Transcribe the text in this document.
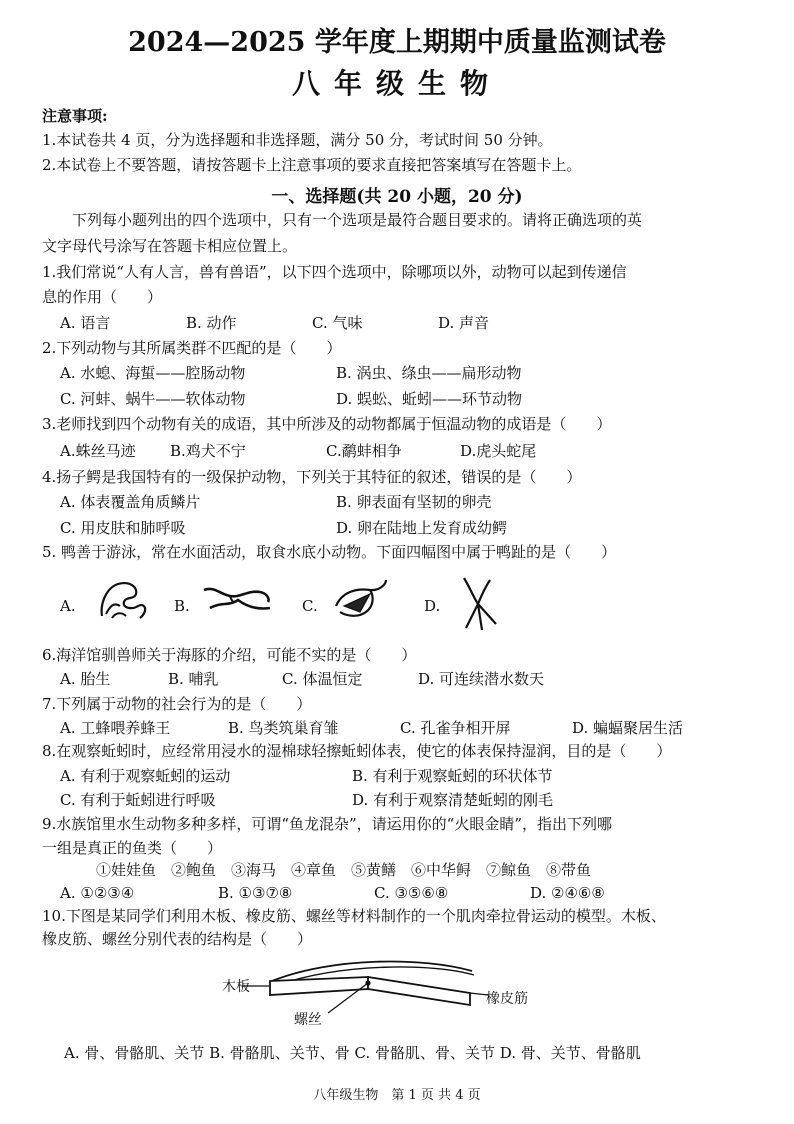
2024—2025 学年度上期期中质量监测试卷
八年级生物
注意事项:
1.本试卷共 4 页，分为选择题和非选择题，满分 50 分，考试时间 50 分钟。
2.本试卷上不要答题，请按答题卡上注意事项的要求直接把答案填写在答题卡上。
一、选择题(共 20 小题，20 分)
下列每小题列出的四个选项中，只有一个选项是最符合题目要求的。请将正确选项的英
文字母代号涂写在答题卡相应位置上。
1.我们常说“人有人言，兽有兽语”，以下四个选项中，除哪项以外，动物可以起到传递信
息的作用（　　）
A. 语言	B. 动作	C. 气味	D. 声音
2.下列动物与其所属类群不匹配的是（　　）
A. 水螅、海蜇——腔肠动物	B. 涡虫、绦虫——扁形动物
C. 河蚌、蜗牛——软体动物	D. 蜈蚣、蚯蚓——环节动物
3.老师找到四个动物有关的成语，其中所涉及的动物都属于恒温动物的成语是（　　）
A.蛛丝马迹 B.鸡犬不宁	C.鹬蚌相争	D.虎头蛇尾
4.扬子鳄是我国特有的一级保护动物，下列关于其特征的叙述，错误的是（　　）
A. 体表覆盖角质鳞片	B. 卵表面有坚韧的卵壳
C. 用皮肤和肺呼吸	D. 卵在陆地上发育成幼鳄
5. 鸭善于游泳，常在水面活动，取食水底小动物。下面四幅图中属于鸭趾的是（　　）
A.	B.	C.	D.
6.海洋馆驯兽师关于海豚的介绍，可能不实的是（　　）
A. 胎生	B. 哺乳	C. 体温恒定	D. 可连续潜水数天
7.下列属于动物的社会行为的是（　　）
A. 工蜂喂养蜂王	B. 鸟类筑巢育雏	C. 孔雀争相开屏	D. 蝙蝠聚居生活
8.在观察蚯蚓时，应经常用浸水的湿棉球轻擦蚯蚓体表，使它的体表保持湿润，目的是（　　）
A. 有利于观察蚯蚓的运动	B. 有利于观察蚯蚓的环状体节
C. 有利于蚯蚓进行呼吸	D. 有利于观察清楚蚯蚓的刚毛
9.水族馆里水生动物多种多样，可谓“鱼龙混杂”，请运用你的“火眼金睛”，指出下列哪
一组是真正的鱼类（　　）
①娃娃鱼　②鲍鱼　③海马　④章鱼　⑤黄鳝　⑥中华鲟　⑦鲸鱼　⑧带鱼
A. ①②③④	B. ①③⑦⑧	C. ③⑤⑥⑧	D. ②④⑥⑧
10.下图是某同学们利用木板、橡皮筋、螺丝等材料制作的一个肌肉牵拉骨运动的模型。木板、
橡皮筋、螺丝分别代表的结构是（　　）
木板
橡皮筋
螺丝
A. 骨、骨骼肌、关节 B. 骨骼肌、关节、骨 C. 骨骼肌、骨、关节 D. 骨、关节、骨骼肌
八年级生物　第 1 页 共 4 页
